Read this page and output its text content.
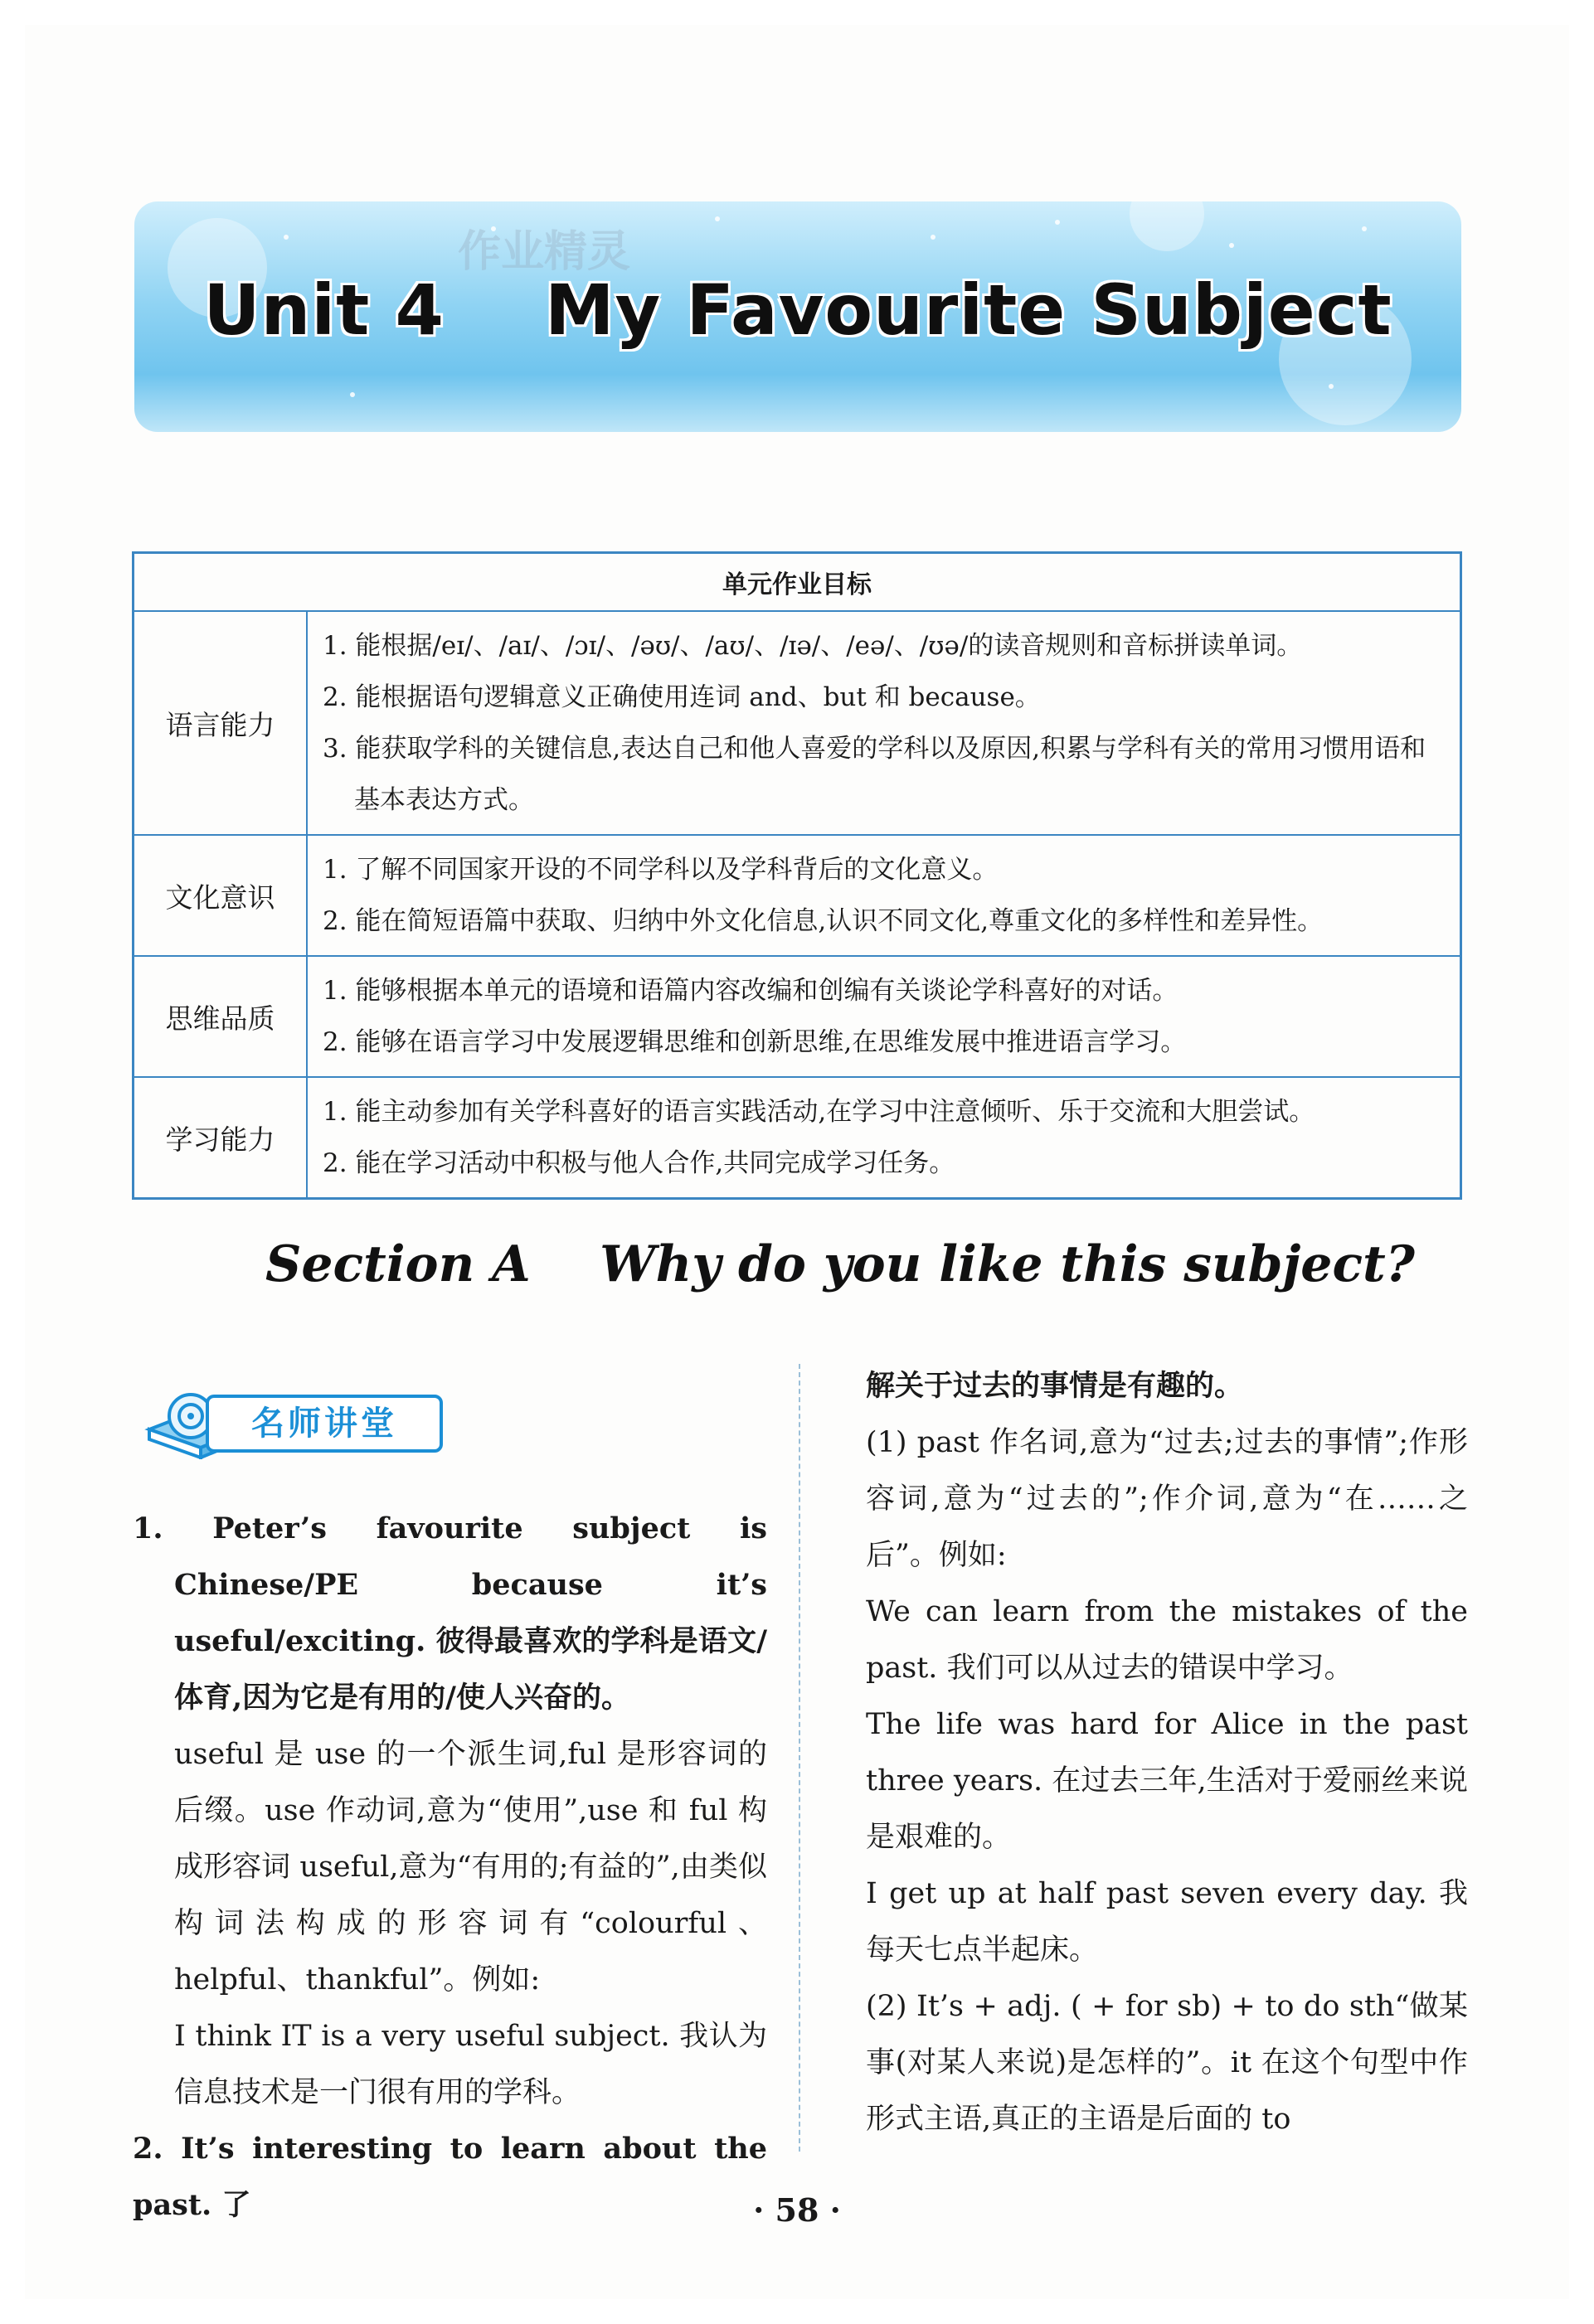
作业精灵
Unit 4    My Favourite Subject
单元作业目标	
语言能力	1. 能根据/eɪ/、/aɪ/、/ɔɪ/、/əʊ/、/aʊ/、/ɪə/、/eə/、/ʊə/的读音规则和音标拼读单词。
2. 能根据语句逻辑意义正确使用连词 and、but 和 because。
3. 能获取学科的关键信息,表达自己和他人喜爱的学科以及原因,积累与学科有关的常用习惯用语和基本表达方式。

文化意识	1. 了解不同国家开设的不同学科以及学科背后的文化意义。
2. 能在简短语篇中获取、归纳中外文化信息,认识不同文化,尊重文化的多样性和差异性。

思维品质	1. 能够根据本单元的语境和语篇内容改编和创编有关谈论学科喜好的对话。
2. 能够在语言学习中发展逻辑思维和创新思维,在思维发展中推进语言学习。

学习能力	1. 能主动参加有关学科喜好的语言实践活动,在学习中注意倾听、乐于交流和大胆尝试。
2. 能在学习活动中积极与他人合作,共同完成学习任务。
Section A    Why do you like this subject?
名师讲堂

1. Peter’s favourite subject is Chinese/PE because it’s useful/exciting. 彼得最喜欢的学科是语文/体育,因为它是有用的/使人兴奋的。

useful 是 use 的一个派生词,ful 是形容词的后缀。use 作动词,意为“使用”,use 和 ful 构成形容词 useful,意为“有用的;有益的”,由类似构词法构成的形容词有“colourful、helpful、thankful”。例如:

I think IT is a very useful subject. 我认为信息技术是一门很有用的学科。

2. It’s interesting to learn about the past. 了

解关于过去的事情是有趣的。

(1) past 作名词,意为“过去;过去的事情”;作形容词,意为“过去的”;作介词,意为“在……之后”。例如:

We can learn from the mistakes of the past. 我们可以从过去的错误中学习。

The life was hard for Alice in the past three years. 在过去三年,生活对于爱丽丝来说是艰难的。

I get up at half past seven every day. 我每天七点半起床。

(2) It’s + adj. ( + for sb) + to do sth“做某事(对某人来说)是怎样的”。it 在这个句型中作形式主语,真正的主语是后面的 to

· 58 ·
